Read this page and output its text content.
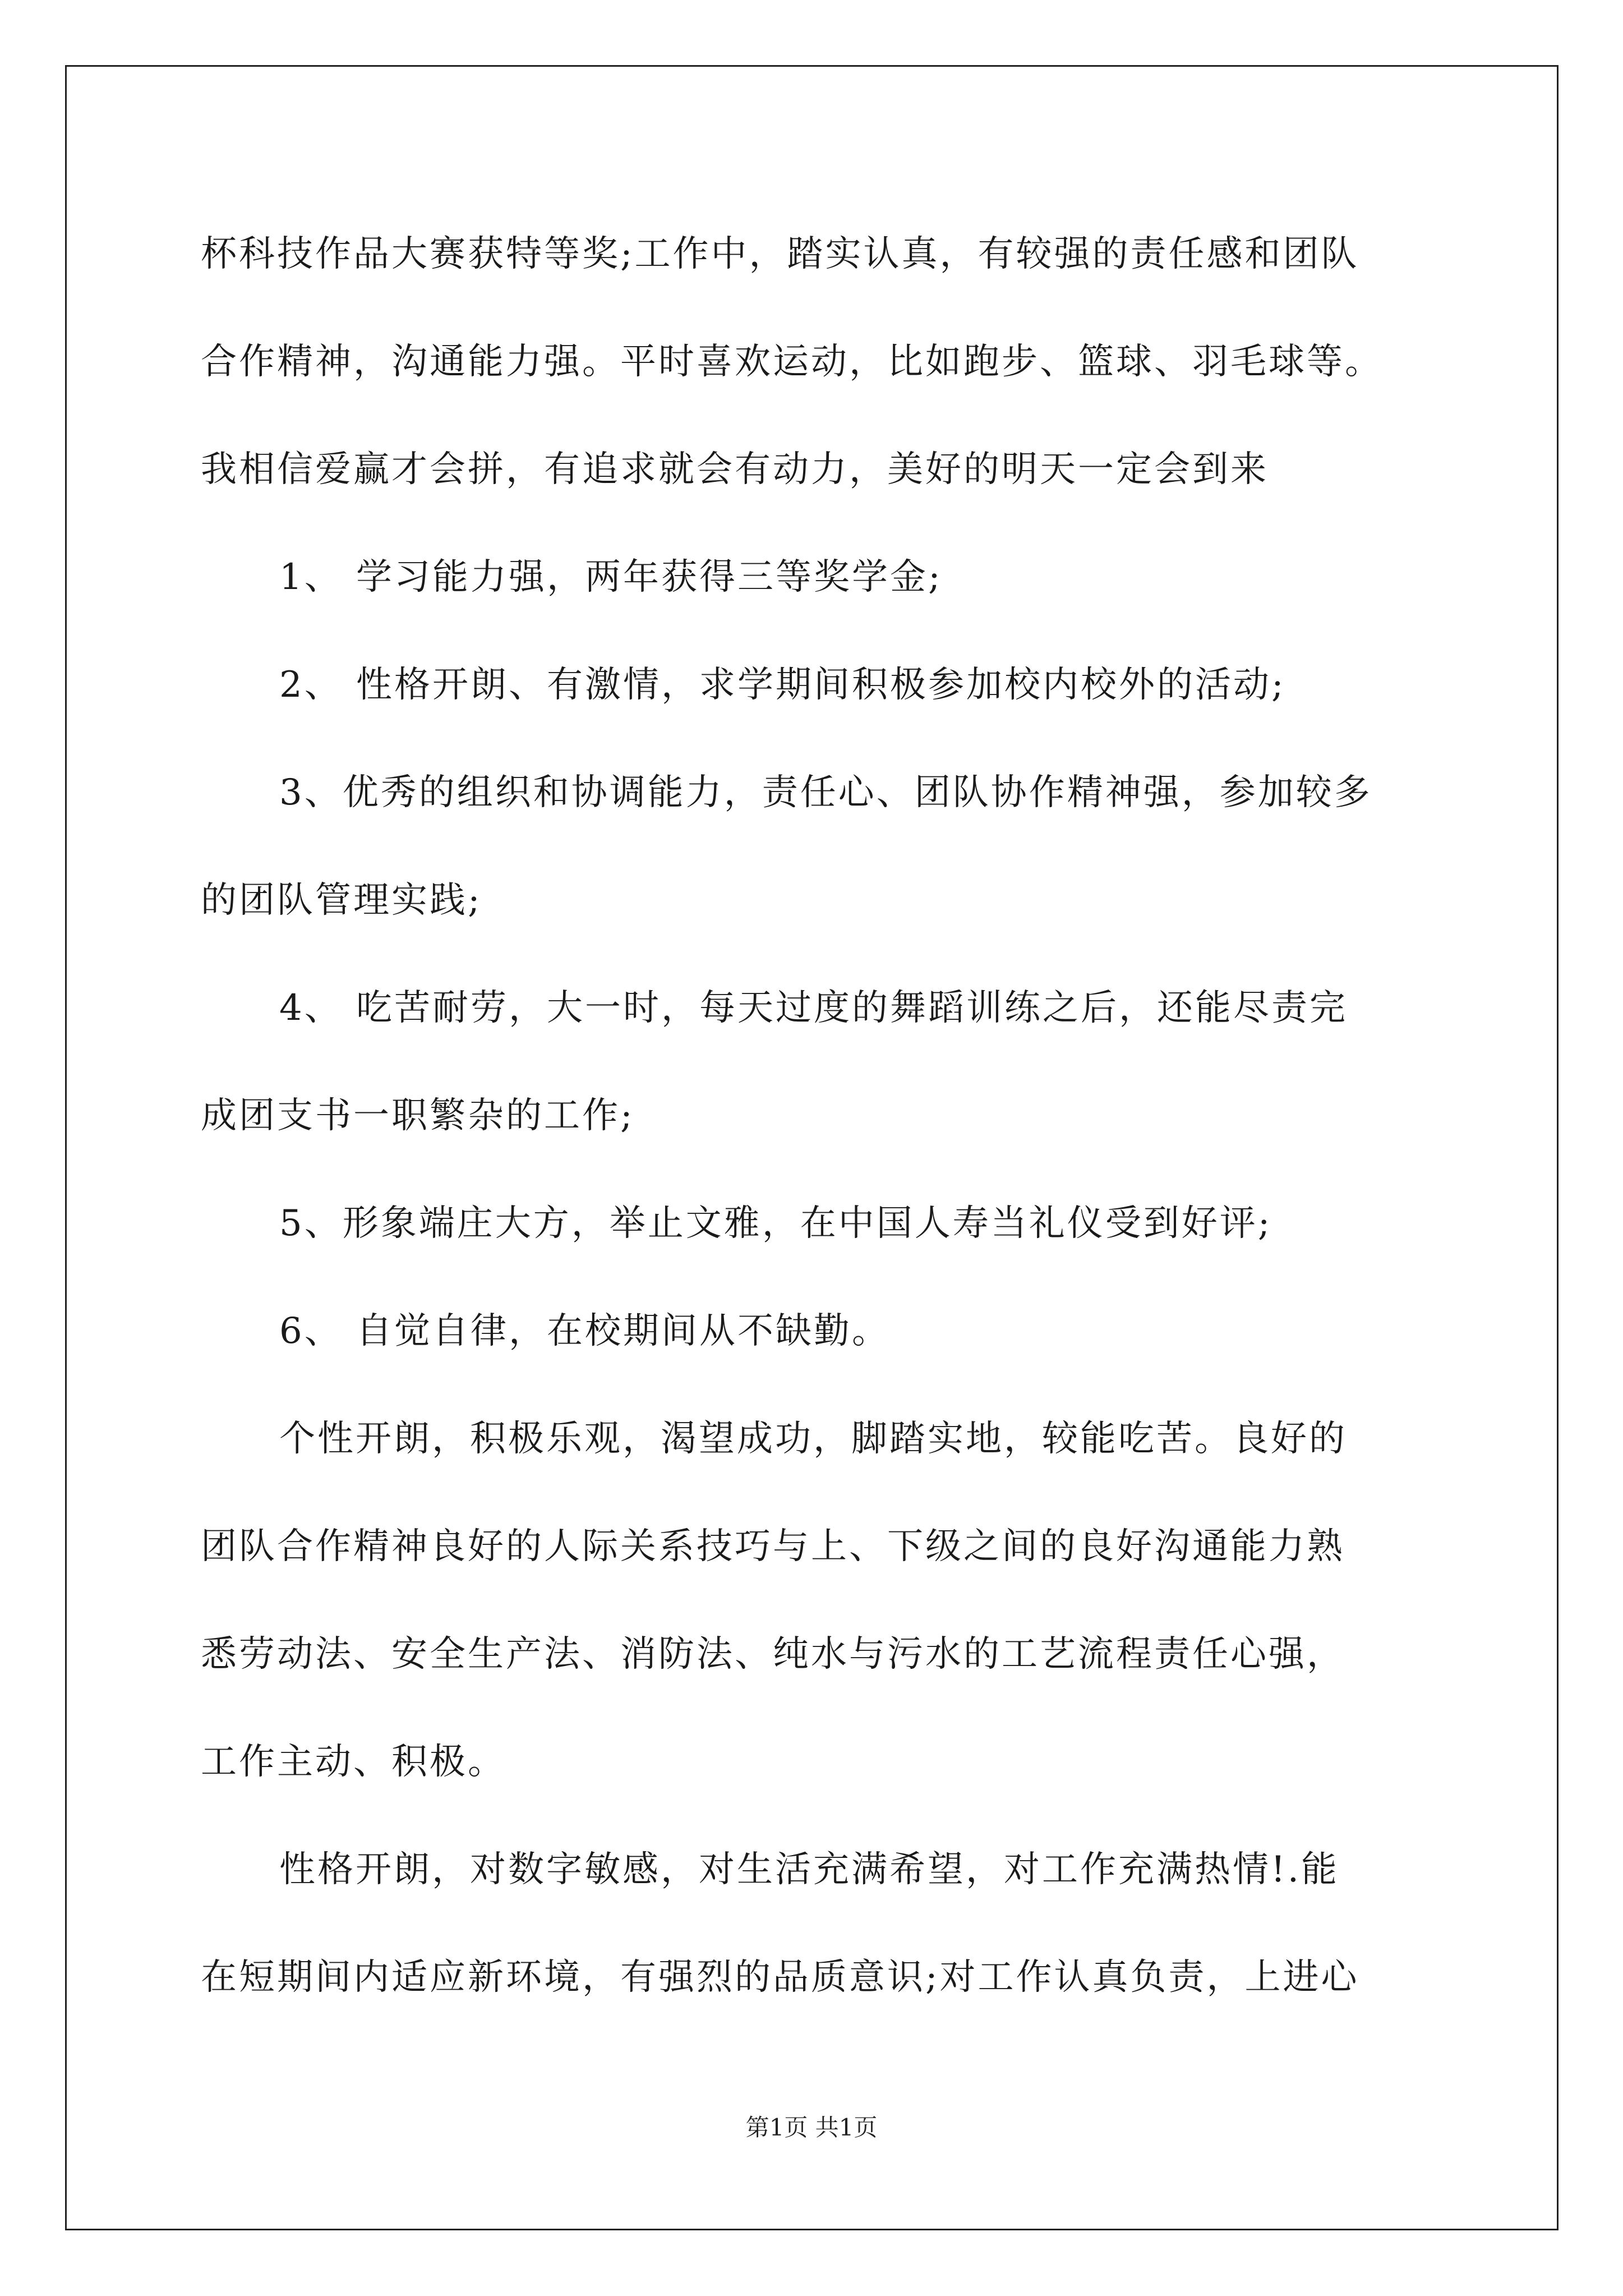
杯科技作品大赛获特等奖;工作中，踏实认真，有较强的责任感和团队
合作精神，沟通能力强。平时喜欢运动，比如跑步、篮球、羽毛球等。
我相信爱赢才会拼，有追求就会有动力，美好的明天一定会到来
1、 学习能力强，两年获得三等奖学金;
2、 性格开朗、有激情，求学期间积极参加校内校外的活动;
3、优秀的组织和协调能力，责任心、团队协作精神强，参加较多
的团队管理实践;
4、 吃苦耐劳，大一时，每天过度的舞蹈训练之后，还能尽责完
成团支书一职繁杂的工作;
5、形象端庄大方，举止文雅，在中国人寿当礼仪受到好评;
6、 自觉自律，在校期间从不缺勤。
个性开朗，积极乐观，渴望成功，脚踏实地，较能吃苦。良好的
团队合作精神良好的人际关系技巧与上、下级之间的良好沟通能力熟
悉劳动法、安全生产法、消防法、纯水与污水的工艺流程责任心强，
工作主动、积极。
性格开朗，对数字敏感，对生活充满希望，对工作充满热情!.能
在短期间内适应新环境，有强烈的品质意识;对工作认真负责，上进心
第1页 共1页
